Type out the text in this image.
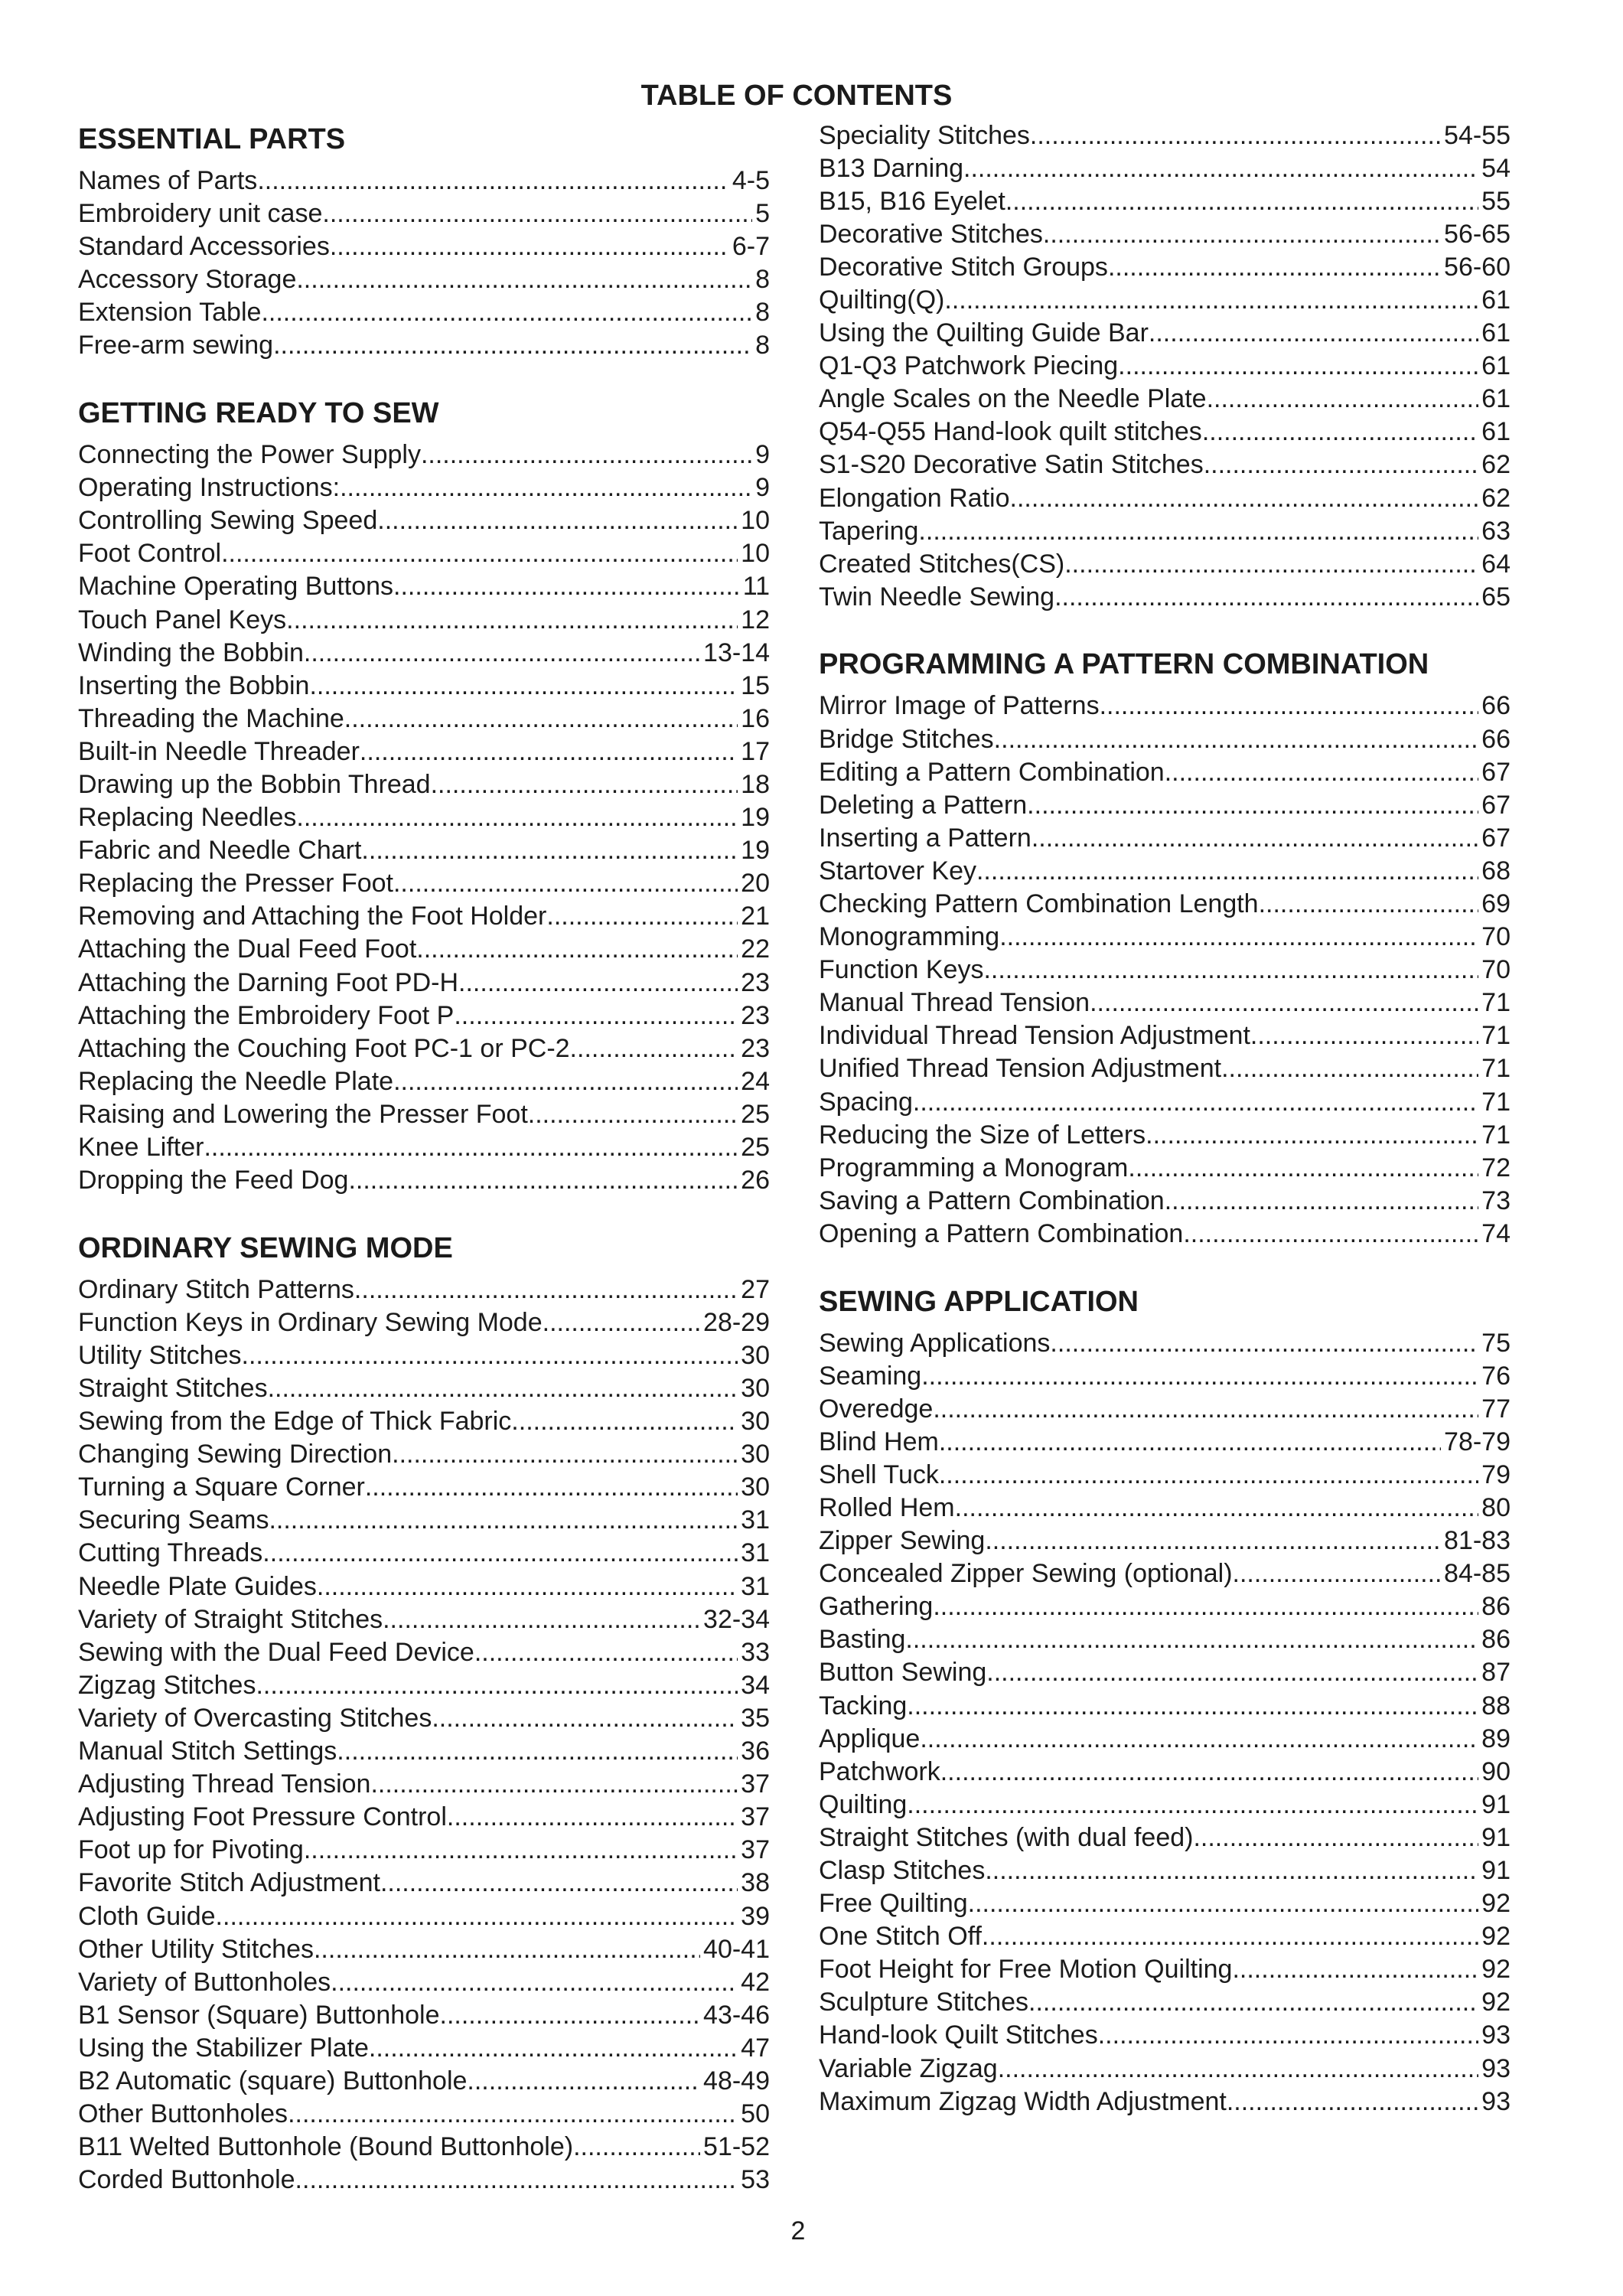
TABLE OF CONTENTS
ESSENTIAL PARTS
Names of Parts .....	4-5
Embroidery unit case .....	5
Standard Accessories .....	6-7
Accessory Storage .....	8
Extension Table .....	8
Free-arm sewing .....	8
GETTING READY TO SEW
Connecting the Power Supply .....	9
Operating Instructions: .....	9
Controlling Sewing Speed .....	10
Foot Control .....	10
Machine Operating Buttons .....	11
Touch Panel Keys .....	12
Winding the Bobbin .....	13-14
Inserting the Bobbin .....	15
Threading the Machine .....	16
Built-in Needle Threader .....	17
Drawing up the Bobbin Thread .....	18
Replacing Needles .....	19
Fabric and Needle Chart .....	19
Replacing the Presser Foot .....	20
Removing and Attaching the Foot Holder .....	21
Attaching the Dual Feed Foot .....	22
Attaching the Darning Foot PD-H .....	23
Attaching the Embroidery Foot P .....	23
Attaching the Couching Foot PC-1 or PC-2 .....	23
Replacing the Needle Plate .....	24
Raising and Lowering the Presser Foot .....	25
Knee Lifter .....	25
Dropping the Feed Dog .....	26
ORDINARY SEWING MODE
Ordinary Stitch Patterns .....	27
Function Keys in Ordinary Sewing Mode .....	28-29
Utility Stitches .....	30
Straight Stitches .....	30
Sewing from the Edge of Thick Fabric .....	30
Changing Sewing Direction .....	30
Turning a Square Corner .....	30
Securing Seams .....	31
Cutting Threads .....	31
Needle Plate Guides .....	31
Variety of Straight Stitches .....	32-34
Sewing with the Dual Feed Device .....	33
Zigzag Stitches .....	34
Variety of Overcasting Stitches .....	35
Manual Stitch Settings .....	36
Adjusting Thread Tension .....	37
Adjusting Foot Pressure Control .....	37
Foot up for Pivoting .....	37
Favorite Stitch Adjustment .....	38
Cloth Guide .....	39
Other Utility Stitches .....	40-41
Variety of Buttonholes .....	42
B1 Sensor (Square) Buttonhole .....	43-46
Using the Stabilizer Plate .....	47
B2 Automatic (square) Buttonhole .....	48-49
Other Buttonholes .....	50
B11 Welted Buttonhole (Bound Buttonhole) .....	51-52
Corded Buttonhole .....	53
Speciality Stitches .....	54-55
B13 Darning .....	54
B15, B16 Eyelet .....	55
Decorative Stitches .....	56-65
Decorative Stitch Groups .....	56-60
Quilting(Q) .....	61
Using the Quilting Guide Bar .....	61
Q1-Q3 Patchwork Piecing .....	61
Angle Scales on the Needle Plate .....	61
Q54-Q55 Hand-look quilt stitches .....	61
S1-S20 Decorative Satin Stitches .....	62
Elongation Ratio .....	62
Tapering .....	63
Created Stitches(CS) .....	64
Twin Needle Sewing .....	65
PROGRAMMING A PATTERN COMBINATION
Mirror Image of Patterns .....	66
Bridge Stitches .....	66
Editing a Pattern Combination .....	67
Deleting a Pattern .....	67
Inserting a Pattern .....	67
Startover Key .....	68
Checking Pattern Combination Length .....	69
Monogramming .....	70
Function Keys .....	70
Manual Thread Tension .....	71
Individual Thread Tension Adjustment .....	71
Unified Thread Tension Adjustment .....	71
Spacing .....	71
Reducing the Size of Letters .....	71
Programming a Monogram .....	72
Saving a Pattern Combination .....	73
Opening a Pattern Combination .....	74
SEWING APPLICATION
Sewing Applications .....	75
Seaming .....	76
Overedge .....	77
Blind Hem .....	78-79
Shell Tuck .....	79
Rolled Hem .....	80
Zipper Sewing .....	81-83
Concealed Zipper Sewing (optional) .....	84-85
Gathering .....	86
Basting .....	86
Button Sewing .....	87
Tacking .....	88
Applique .....	89
Patchwork .....	90
Quilting .....	91
Straight Stitches (with dual feed) .....	91
Clasp Stitches .....	91
Free Quilting .....	92
One Stitch Off .....	92
Foot Height for Free Motion Quilting .....	92
Sculpture Stitches .....	92
Hand-look Quilt Stitches .....	93
Variable Zigzag .....	93
Maximum Zigzag Width Adjustment .....	93
2
